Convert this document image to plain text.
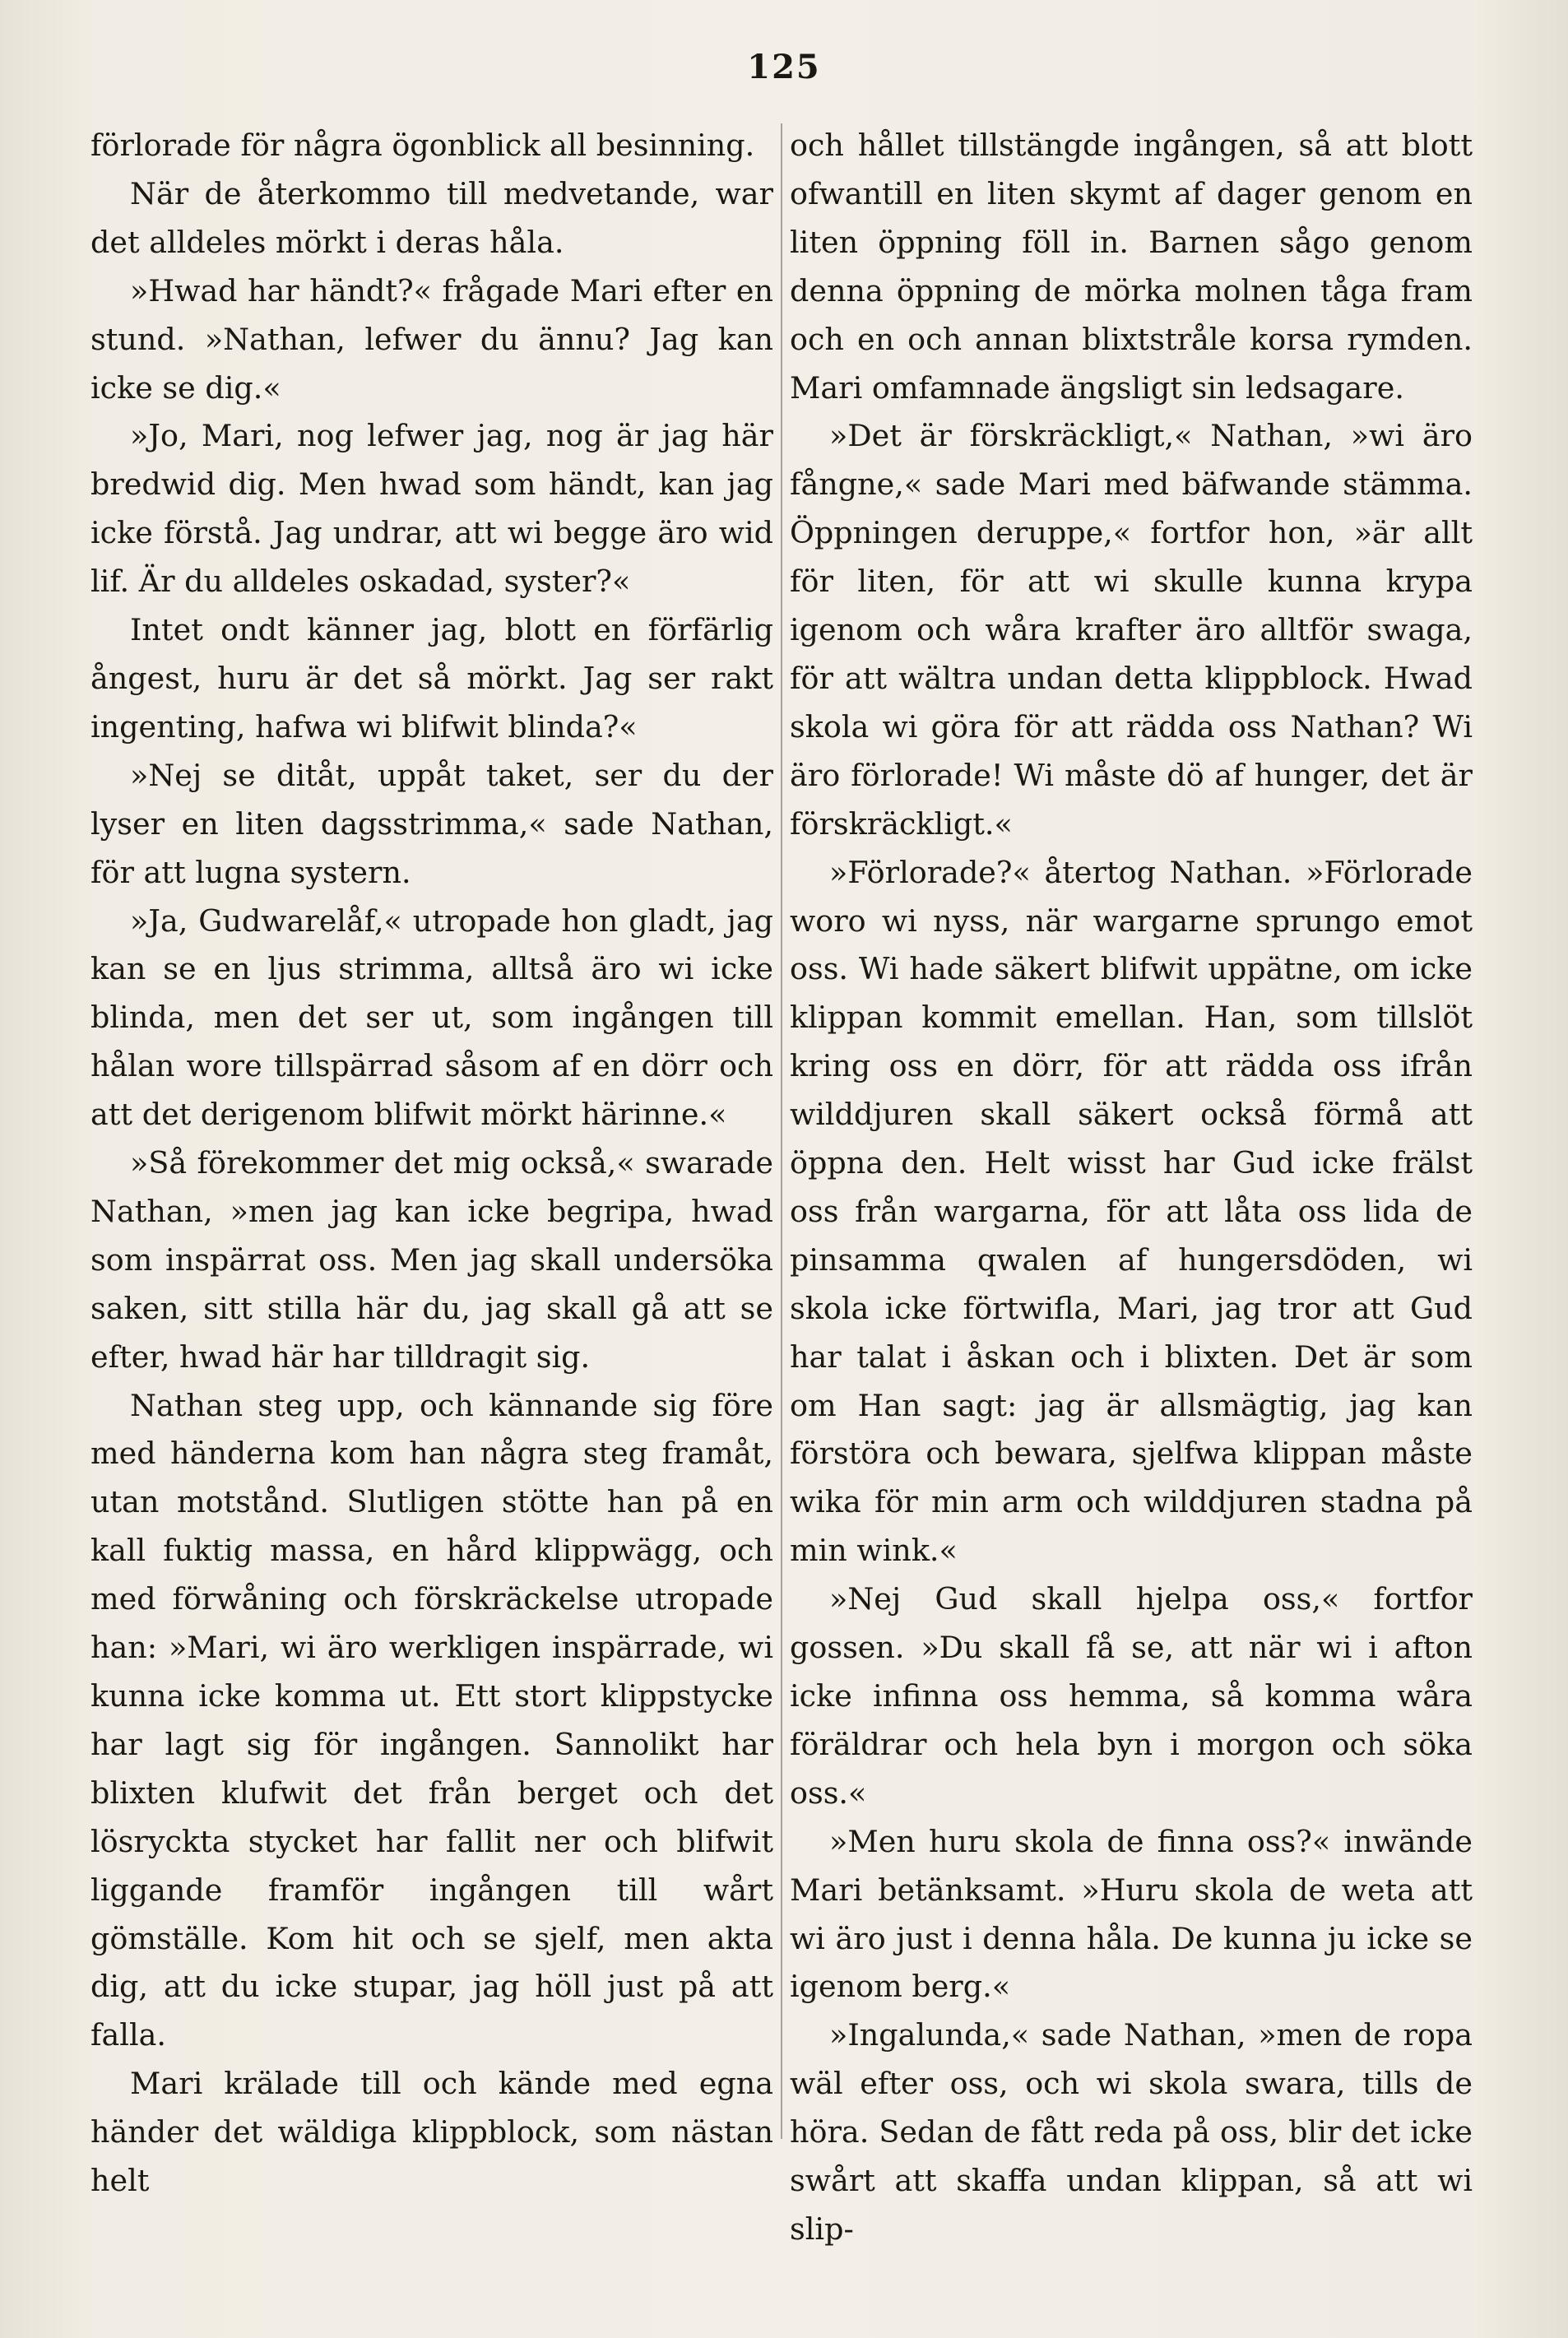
125

förlorade för några ögonblick all besinning.

När de återkommo till medvetande, war det alldeles mörkt i deras håla.

»Hwad har händt?« frågade Mari efter en stund. »Nathan, lefwer du ännu? Jag kan icke se dig.«

»Jo, Mari, nog lefwer jag, nog är jag här bredwid dig. Men hwad som händt, kan jag icke förstå. Jag undrar, att wi begge äro wid lif. Är du alldeles oskadad, syster?«

Intet ondt känner jag, blott en förfärlig ångest, huru är det så mörkt. Jag ser rakt ingenting, hafwa wi blifwit blinda?«

»Nej se ditåt, uppåt taket, ser du der lyser en liten dagsstrimma,« sade Nathan, för att lugna systern.

»Ja, Gudwarelåf,« utropade hon gladt, jag kan se en ljus strimma, alltså äro wi icke blinda, men det ser ut, som ingången till hålan wore tillspärrad såsom af en dörr och att det derigenom blifwit mörkt härinne.«

»Så förekommer det mig också,« swarade Nathan, »men jag kan icke begripa, hwad som inspärrat oss. Men jag skall undersöka saken, sitt stilla här du, jag skall gå att se efter, hwad här har tilldragit sig.

Nathan steg upp, och kännande sig före med händerna kom han några steg framåt, utan motstånd. Slutligen stötte han på en kall fuktig massa, en hård klippwägg, och med förwåning och förskräckelse utropade han: »Mari, wi äro werkligen inspärrade, wi kunna icke komma ut. Ett stort klippstycke har lagt sig för ingången. Sannolikt har blixten klufwit det från berget och det lösryckta stycket har fallit ner och blifwit liggande framför ingången till wårt gömställe. Kom hit och se sjelf, men akta dig, att du icke stupar, jag höll just på att falla.

Mari krälade till och kände med egna händer det wäldiga klippblock, som nästan helt

och hållet tillstängde ingången, så att blott ofwantill en liten skymt af dager genom en liten öppning föll in. Barnen sågo genom denna öppning de mörka molnen tåga fram och en och annan blixtstråle korsa rymden. Mari omfamnade ängsligt sin ledsagare.

»Det är förskräckligt,« Nathan, »wi äro fångne,« sade Mari med bäfwande stämma. Öppningen deruppe,« fortfor hon, »är allt för liten, för att wi skulle kunna krypa igenom och wåra krafter äro alltför swaga, för att wältra undan detta klippblock. Hwad skola wi göra för att rädda oss Nathan? Wi äro förlorade! Wi måste dö af hunger, det är förskräckligt.«

»Förlorade?« återtog Nathan. »Förlorade woro wi nyss, när wargarne sprungo emot oss. Wi hade säkert blifwit uppätne, om icke klippan kommit emellan. Han, som tillslöt kring oss en dörr, för att rädda oss ifrån wilddjuren skall säkert också förmå att öppna den. Helt wisst har Gud icke frälst oss från wargarna, för att låta oss lida de pinsamma qwalen af hungersdöden, wi skola icke förtwifla, Mari, jag tror att Gud har talat i åskan och i blixten. Det är som om Han sagt: jag är allsmägtig, jag kan förstöra och bewara, sjelfwa klippan måste wika för min arm och wilddjuren stadna på min wink.«

»Nej Gud skall hjelpa oss,« fortfor gossen. »Du skall få se, att när wi i afton icke infinna oss hemma, så komma wåra föräldrar och hela byn i morgon och söka oss.«

»Men huru skola de finna oss?« inwände Mari betänksamt. »Huru skola de weta att wi äro just i denna håla. De kunna ju icke se igenom berg.«

»Ingalunda,« sade Nathan, »men de ropa wäl efter oss, och wi skola swara, tills de höra. Sedan de fått reda på oss, blir det icke swårt att skaffa undan klippan, så att wi slip-
